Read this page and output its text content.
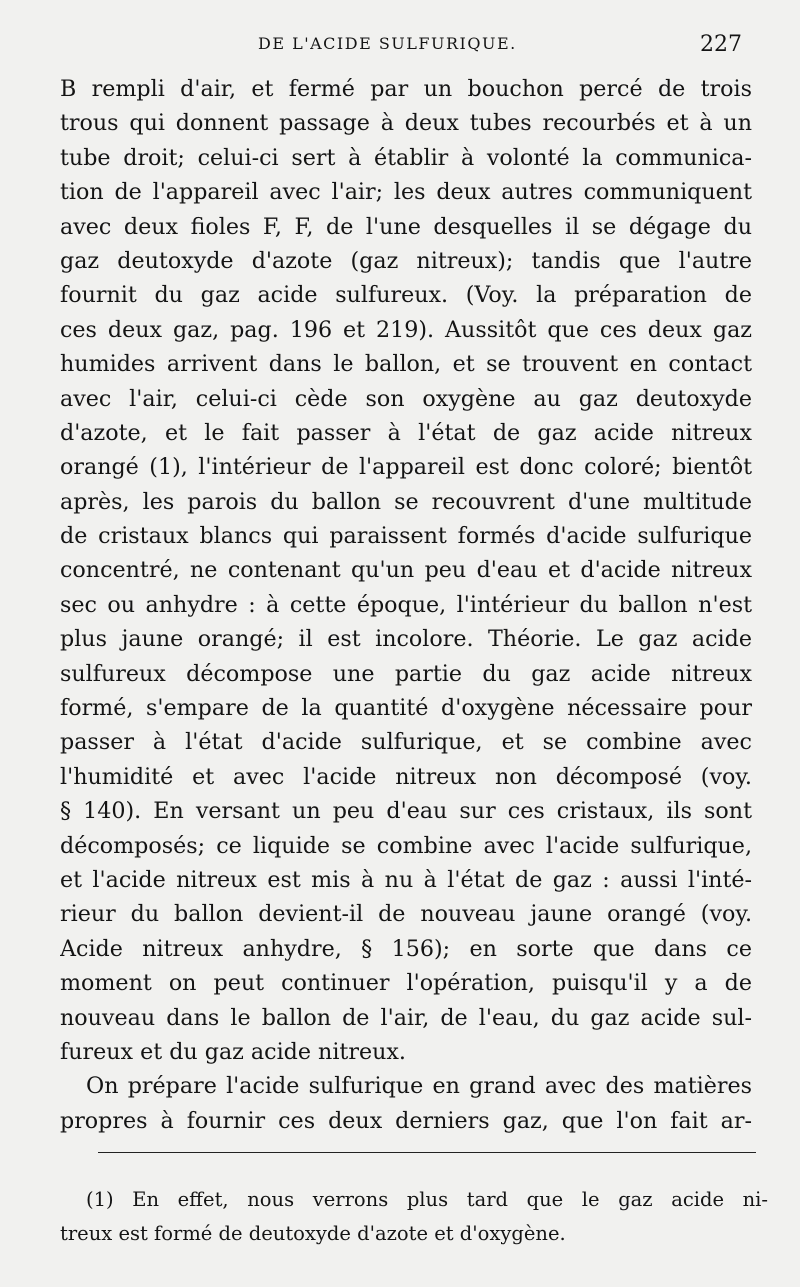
DE L'ACIDE SULFURIQUE.	227
B rempli d'air, et fermé par un bouchon percé de trois
trous qui donnent passage à deux tubes recourbés et à un
tube droit; celui-ci sert à établir à volonté la communica-
tion de l'appareil avec l'air; les deux autres communiquent
avec deux fioles F, F, de l'une desquelles il se dégage du
gaz deutoxyde d'azote (gaz nitreux); tandis que l'autre
fournit du gaz acide sulfureux. (Voy. la préparation de
ces deux gaz, pag. 196 et 219). Aussitôt que ces deux gaz
humides arrivent dans le ballon, et se trouvent en contact
avec l'air, celui-ci cède son oxygène au gaz deutoxyde
d'azote, et le fait passer à l'état de gaz acide nitreux
orangé (1), l'intérieur de l'appareil est donc coloré; bientôt
après, les parois du ballon se recouvrent d'une multitude
de cristaux blancs qui paraissent formés d'acide sulfurique
concentré, ne contenant qu'un peu d'eau et d'acide nitreux
sec ou anhydre : à cette époque, l'intérieur du ballon n'est
plus jaune orangé; il est incolore. Théorie. Le gaz acide
sulfureux décompose une partie du gaz acide nitreux
formé, s'empare de la quantité d'oxygène nécessaire pour
passer à l'état d'acide sulfurique, et se combine avec
l'humidité et avec l'acide nitreux non décomposé (voy.
§ 140). En versant un peu d'eau sur ces cristaux, ils sont
décomposés; ce liquide se combine avec l'acide sulfurique,
et l'acide nitreux est mis à nu à l'état de gaz : aussi l'inté-
rieur du ballon devient-il de nouveau jaune orangé (voy.
Acide nitreux anhydre, § 156); en sorte que dans ce
moment on peut continuer l'opération, puisqu'il y a de
nouveau dans le ballon de l'air, de l'eau, du gaz acide sul-
fureux et du gaz acide nitreux.
On prépare l'acide sulfurique en grand avec des matières
propres à fournir ces deux derniers gaz, que l'on fait ar-
(1) En effet, nous verrons plus tard que le gaz acide ni-
treux est formé de deutoxyde d'azote et d'oxygène.
